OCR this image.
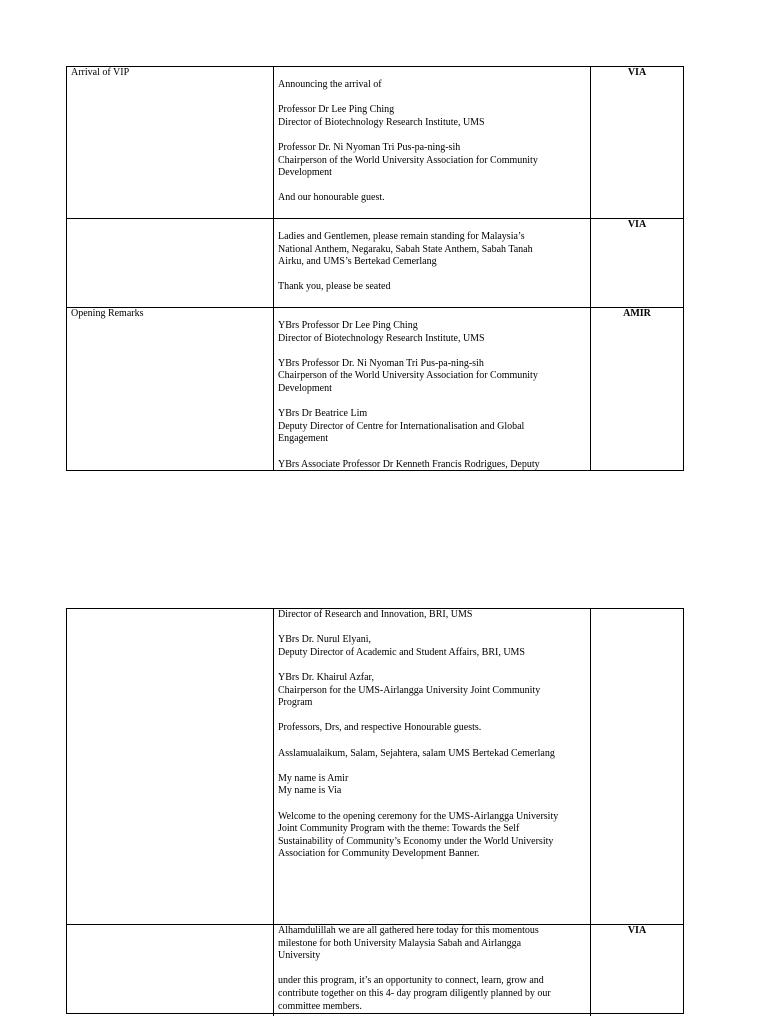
Arrival of VIP
Announcing the arrival of
Professor Dr Lee Ping Ching
Director of Biotechnology Research Institute, UMS
Professor Dr. Ni Nyoman Tri Pus-pa-ning-sih
Chairperson of the World University Association for Community
Development
And our honourable guest.
VIA
Ladies and Gentlemen, please remain standing for Malaysia’s
National Anthem, Negaraku, Sabah State Anthem, Sabah Tanah
Airku, and UMS’s Bertekad Cemerlang
Thank you, please be seated
VIA
Opening Remarks
YBrs Professor Dr Lee Ping Ching
Director of Biotechnology Research Institute, UMS
YBrs Professor Dr. Ni Nyoman Tri Pus-pa-ning-sih
Chairperson of the World University Association for Community
Development
YBrs Dr Beatrice Lim
Deputy Director of Centre for Internationalisation and Global
Engagement
YBrs Associate Professor Dr Kenneth Francis Rodrigues, Deputy
AMIR
Director of Research and Innovation, BRI, UMS
YBrs Dr. Nurul Elyani,
Deputy Director of Academic and Student Affairs, BRI, UMS
YBrs Dr. Khairul Azfar,
Chairperson for the UMS-Airlangga University Joint Community
Program
Professors, Drs, and respective Honourable guests.
Asslamualaikum, Salam, Sejahtera, salam UMS Bertekad Cemerlang
My name is Amir
My name is Via
Welcome to the opening ceremony for the UMS-Airlangga University
Joint Community Program with the theme: Towards the Self
Sustainability of Community’s Economy under the World University
Association for Community Development Banner.
Alhamdulillah we are all gathered here today for this momentous
milestone for both University Malaysia Sabah and Airlangga
University
under this program, it’s an opportunity to connect, learn, grow and
contribute together on this 4- day program diligently planned by our
committee members.
VIA
